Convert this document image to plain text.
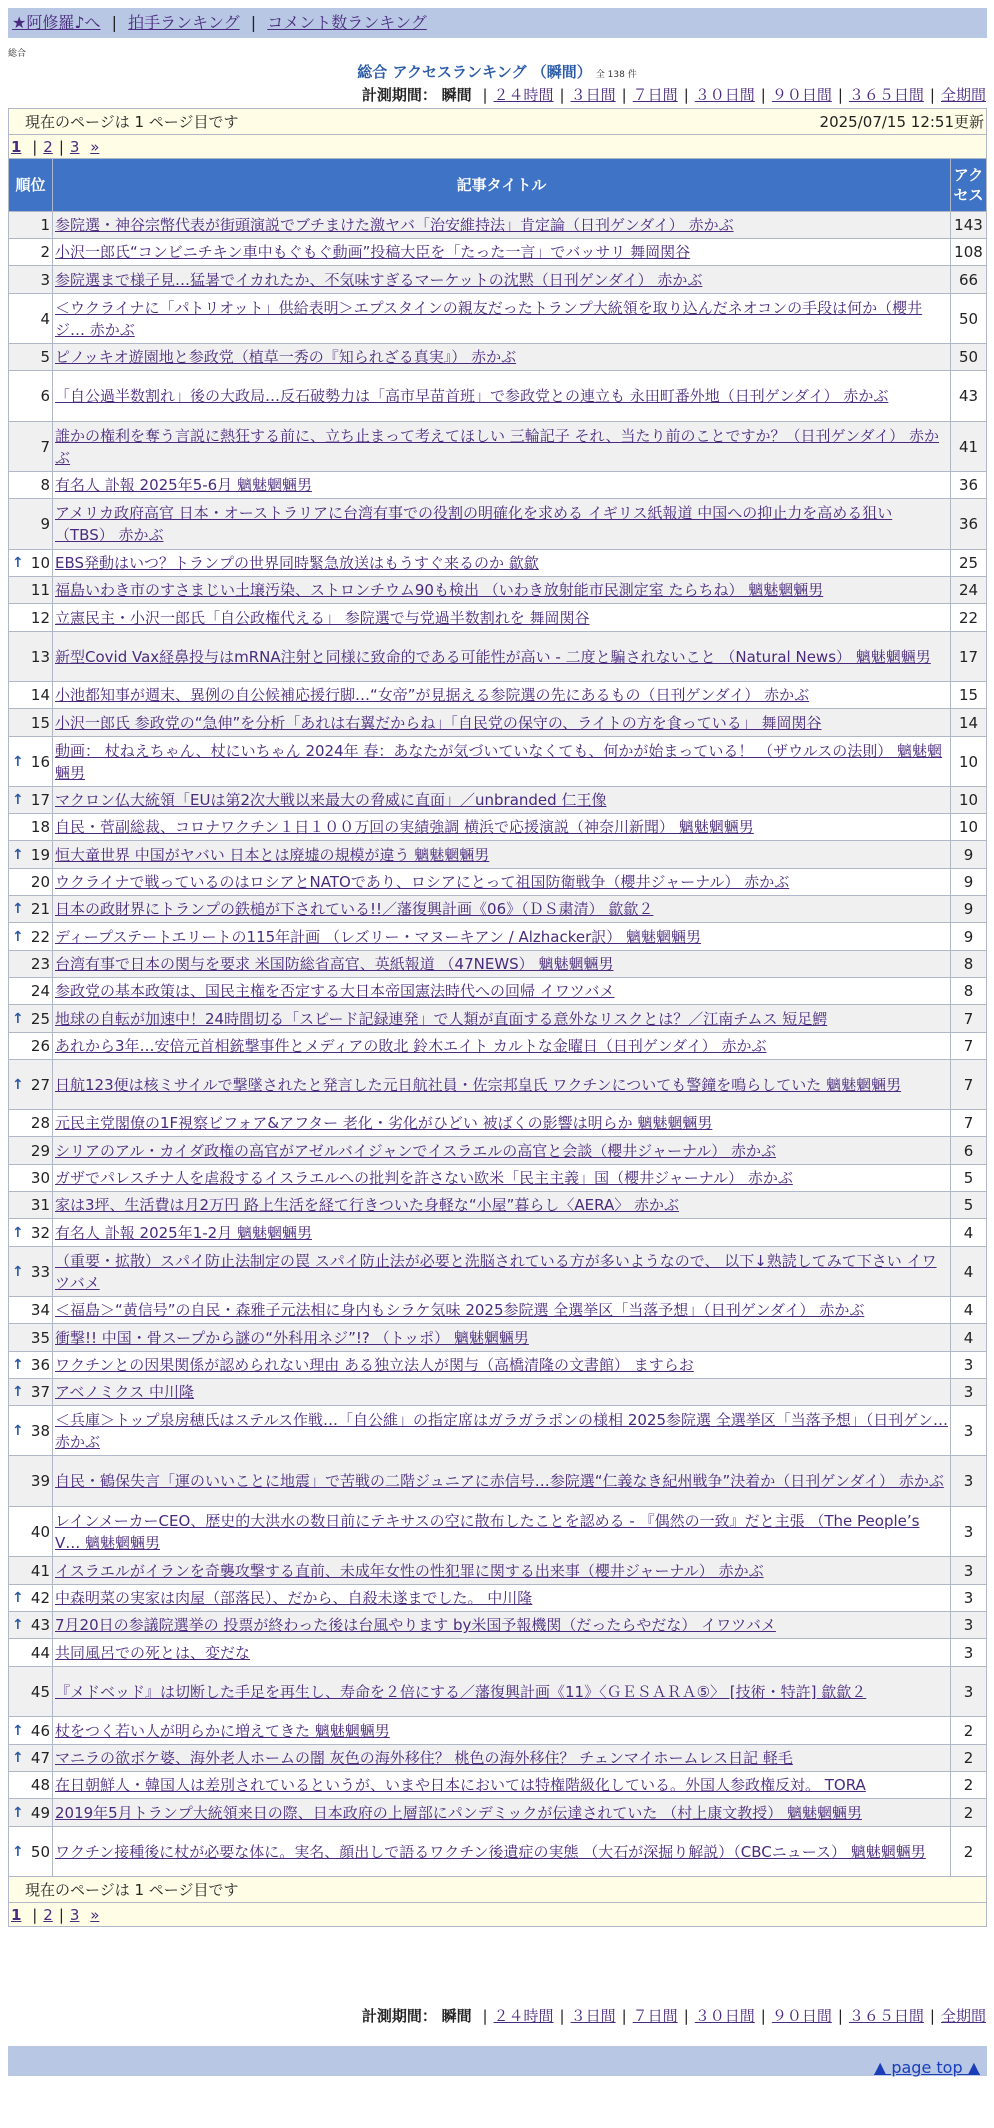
★阿修羅♪へ | 拍手ランキング | コメント数ランキング
総合
総合 アクセスランキング （瞬間） 全 138 件
計測期間： 瞬間 | ２４時間 | ３日間 | ７日間 | ３０日間 | ９０日間 | ３６５日間 | 全期間
現在のページは 1 ページ目です 2025/07/15 12:51更新		

1 | 2 | 3 »		
順位	記事タイトル	アクセス
1	参院選・神谷宗幣代表が街頭演説でブチまけた激ヤバ「治安維持法」肯定論（日刊ゲンダイ） 赤かぶ	143
2	小沢一郎氏“コンビニチキン車中もぐもぐ動画”投稿大臣を「たった一言」でバッサリ 舞岡関谷	108
3	参院選まで様子見…猛暑でイカれたか、不気味すぎるマーケットの沈黙（日刊ゲンダイ） 赤かぶ	66
4	＜ウクライナに「パトリオット」供給表明＞エプスタインの親友だったトランプ大統領を取り込んだネオコンの手段は何か（櫻井ジ… 赤かぶ	50
5	ピノッキオ遊園地と参政党（植草一秀の『知られざる真実』） 赤かぶ	50
6	「自公過半数割れ」後の大政局…反石破勢力は「高市早苗首班」で参政党との連立も 永田町番外地（日刊ゲンダイ） 赤かぶ	43
7	誰かの権利を奪う言説に熱狂する前に、立ち止まって考えてほしい 三輪記子 それ、当たり前のことですか？（日刊ゲンダイ） 赤かぶ	41
8	有名人 訃報 2025年5-6月 魑魅魍魎男	36
9	アメリカ政府高官 日本・オーストラリアに台湾有事での役割の明確化を求める イギリス紙報道 中国への抑止力を高める狙い（TBS） 赤かぶ	36

↑ 10	EBS発動はいつ？トランプの世界同時緊急放送はもうすぐ来るのか 歙歙	25
11	福島いわき市のすさまじい土壌汚染、ストロンチウム90も検出 （いわき放射能市民測定室 たらちね） 魑魅魍魎男	24
12	立憲民主・小沢一郎氏「自公政権代える」 参院選で与党過半数割れを 舞岡関谷	22
13	新型Covid Vax経鼻投与はmRNA注射と同様に致命的である可能性が高い - 二度と騙されないこと （Natural News） 魑魅魍魎男	17
14	小池都知事が週末、異例の自公候補応援行脚…“女帝”が見据える参院選の先にあるもの（日刊ゲンダイ） 赤かぶ	15
15	小沢一郎氏 参政党の“急伸”を分析「あれは右翼だからね」「自民党の保守の、ライトの方を食っている」 舞岡関谷	14

↑ 16	動画： 杖ねえちゃん、杖にいちゃん 2024年 春：あなたが気づいていなくても、何かが始まっている！ （ザウルスの法則） 魑魅魍魎男	10

↑ 17	マクロン仏大統領「EUは第2次大戦以来最大の脅威に直面」／unbranded 仁王像	10
18	自民・菅副総裁、コロナワクチン１日１００万回の実績強調 横浜で応援演説（神奈川新聞） 魑魅魍魎男	10

↑ 19	恒大童世界 中国がヤバい 日本とは廃墟の規模が違う 魑魅魍魎男	9
20	ウクライナで戦っているのはロシアとNATOであり、ロシアにとって祖国防衛戦争（櫻井ジャーナル） 赤かぶ	9

↑ 21	日本の政財界にトランプの鉄槌が下されている!!／藩復興計画《06》（ＤＳ粛清） 歙歙２	9

↑ 22	ディープステートエリートの115年計画 （レズリー・マヌーキアン / Alzhacker訳） 魑魅魍魎男	9
23	台湾有事で日本の関与を要求 米国防総省高官、英紙報道 （47NEWS） 魑魅魍魎男	8
24	参政党の基本政策は、国民主権を否定する大日本帝国憲法時代への回帰 イワツバメ	8

↑ 25	地球の自転が加速中！24時間切る「スピード記録連発」で人類が直面する意外なリスクとは？／江南チムス 短足鰐	7
26	あれから3年…安倍元首相銃撃事件とメディアの敗北 鈴木エイト カルトな金曜日（日刊ゲンダイ） 赤かぶ	7

↑ 27	日航123便は核ミサイルで撃墜されたと発言した元日航社員・佐宗邦皇氏 ワクチンについても警鐘を鳴らしていた 魑魅魍魎男	7
28	元民主党閣僚の1F視察ビフォア&アフター 老化・劣化がひどい 被ばくの影響は明らか 魑魅魍魎男	7
29	シリアのアル・カイダ政権の高官がアゼルバイジャンでイスラエルの高官と会談（櫻井ジャーナル） 赤かぶ	6
30	ガザでパレスチナ人を虐殺するイスラエルへの批判を許さない欧米「民主主義」国（櫻井ジャーナル） 赤かぶ	5
31	家は3坪、生活費は月2万円 路上生活を経て行きついた身軽な“小屋”暮らし〈AERA〉 赤かぶ	5

↑ 32	有名人 訃報 2025年1-2月 魑魅魍魎男	4

↑ 33	（重要・拡散）スパイ防止法制定の罠 スパイ防止法が必要と洗脳されている方が多いようなので、 以下↓熟読してみて下さい イワツバメ	4
34	＜福島＞“黄信号”の自民・森雅子元法相に身内もシラケ気味 2025参院選 全選挙区「当落予想」（日刊ゲンダイ） 赤かぶ	4
35	衝撃!! 中国・骨スープから謎の“外科用ネジ”!? （トッポ） 魑魅魍魎男	4

↑ 36	ワクチンとの因果関係が認められない理由 ある独立法人が関与（高橋清隆の文書館） ますらお	3

↑ 37	アベノミクス 中川隆	3

↑ 38	＜兵庫＞トップ泉房穂氏はステルス作戦…「自公維」の指定席はガラガラポンの様相 2025参院選 全選挙区「当落予想」（日刊ゲン… 赤かぶ	3
39	自民・鶴保失言「運のいいことに地震」で苦戦の二階ジュニアに赤信号…参院選“仁義なき紀州戦争”決着か（日刊ゲンダイ） 赤かぶ	3
40	レインメーカーCEO、歴史的大洪水の数日前にテキサスの空に散布したことを認める - 『偶然の一致』だと主張 （The People’s V… 魑魅魍魎男	3
41	イスラエルがイランを奇襲攻撃する直前、未成年女性の性犯罪に関する出来事（櫻井ジャーナル） 赤かぶ	3

↑ 42	中森明菜の実家は肉屋（部落民）、だから、自殺未遂までした。 中川隆	3

↑ 43	7月20日の参議院選挙の 投票が終わった後は台風やります by米国予報機関（だったらやだな） イワツバメ	3
44	共同風呂での死とは、変だな	3
45	『メドベッド』は切断した手足を再生し、寿命を２倍にする／藩復興計画《11》〈ＧＥＳＡＲＡ⑤〉 [技術・特許] 歙歙２	3

↑ 46	杖をつく若い人が明らかに増えてきた 魑魅魍魎男	2

↑ 47	マニラの欲ボケ婆、海外老人ホームの闇 灰色の海外移住？ 桃色の海外移住？ チェンマイホームレス日記 軽毛	2
48	在日朝鮮人・韓国人は差別されているというが、いまや日本においては特権階級化している。外国人参政権反対。 TORA	2

↑ 49	2019年5月トランプ大統領来日の際、日本政府の上層部にパンデミックが伝達されていた （村上康文教授） 魑魅魍魎男	2

↑ 50	ワクチン接種後に杖が必要な体に。実名、顔出しで語るワクチン後遺症の実態 （大石が深掘り解説）（CBCニュース） 魑魅魍魎男	2
現在のページは 1 ページ目です		
1 | 2 | 3 »		
計測期間： 瞬間 | ２４時間 | ３日間 | ７日間 | ３０日間 | ９０日間 | ３６５日間 | 全期間
▲ page top ▲
